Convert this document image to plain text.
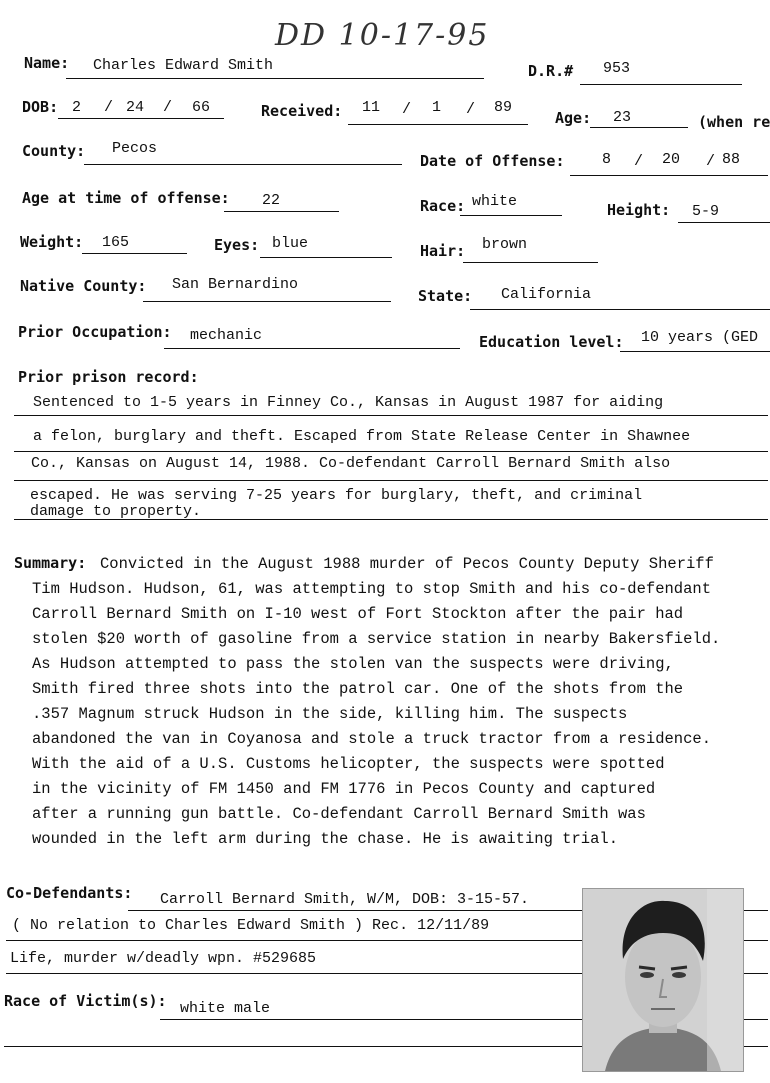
DD 10-17-95
Name: Charles Edward Smith	D.R.# 953
DOB: 2 / 24 / 66	Received: 11 / 1 / 89
Age: 23	(when re
County: Pecos
Date of Offense:	8 / 20 / 88
Age at time of offense: 22	Race: white	Height: 5-9
Weight: 165	Eyes: blue	Hair: brown
Native County: San Bernardino
State: California
Prior Occupation: mechanic	Education level: 10 years (GED
Prior prison record:
Sentenced to 1-5 years in Finney Co., Kansas in August 1987 for aiding
a felon, burglary and theft. Escaped from State Release Center in Shawnee
Co., Kansas on August 14, 1988. Co-defendant Carroll Bernard Smith also
escaped. He was serving 7-25 years for burglary, theft, and criminal
damage to property.
Summary: Convicted in the August 1988 murder of Pecos County Deputy Sheriff
Tim Hudson. Hudson, 61, was attempting to stop Smith and his co-defendant
Carroll Bernard Smith on I-10 west of Fort Stockton after the pair had
stolen $20 worth of gasoline from a service station in nearby Bakersfield.
As Hudson attempted to pass the stolen van the suspects were driving,
Smith fired three shots into the patrol car. One of the shots from the
.357 Magnum struck Hudson in the side, killing him. The suspects
abandoned the van in Coyanosa and stole a truck tractor from a residence.
With the aid of a U.S. Customs helicopter, the suspects were spotted
in the vicinity of FM 1450 and FM 1776 in Pecos County and captured
after a running gun battle. Co-defendant Carroll Bernard Smith was
wounded in the left arm during the chase. He is awaiting trial.
Co-Defendants: Carroll Bernard Smith, W/M, DOB: 3-15-57.
( No relation to Charles Edward Smith ) Rec. 12/11/89
Life, murder w/deadly wpn. #529685
Race of Victim(s): white male
